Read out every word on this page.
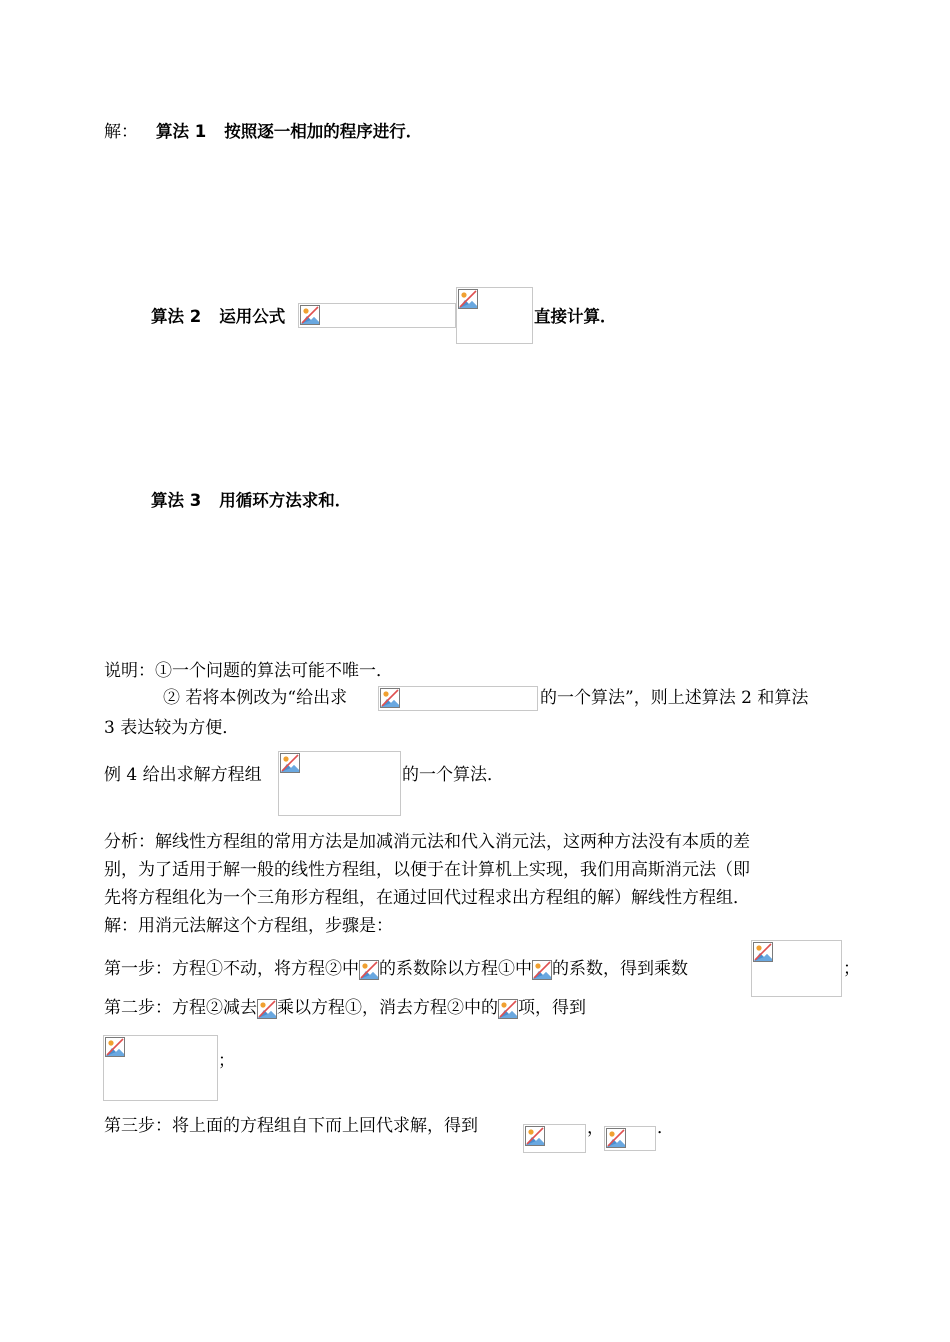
解： 算法 1 按照逐一相加的程序进行．
算法 2 运用公式	直接计算．
算法 3 用循环方法求和．
说明：①一个问题的算法可能不唯一．
② 若将本例改为“给出求	的一个算法”，则上述算法 2 和算法
3 表达较为方便．
例 4 给出求解方程组	的一个算法．
分析：解线性方程组的常用方法是加减消元法和代入消元法，这两种方法没有本质的差
别，为了适用于解一般的线性方程组，以便于在计算机上实现，我们用高斯消元法（即
先将方程组化为一个三角形方程组，在通过回代过程求出方程组的解）解线性方程组．
解：用消元法解这个方程组，步骤是：
第一步：方程①不动，将方程②中 的系数除以方程①中 的系数，得到乘数	；
第二步：方程②减去 乘以方程①，消去方程②中的 项，得到
；
第三步：将上面的方程组自下而上回代求解，得到	，	．
